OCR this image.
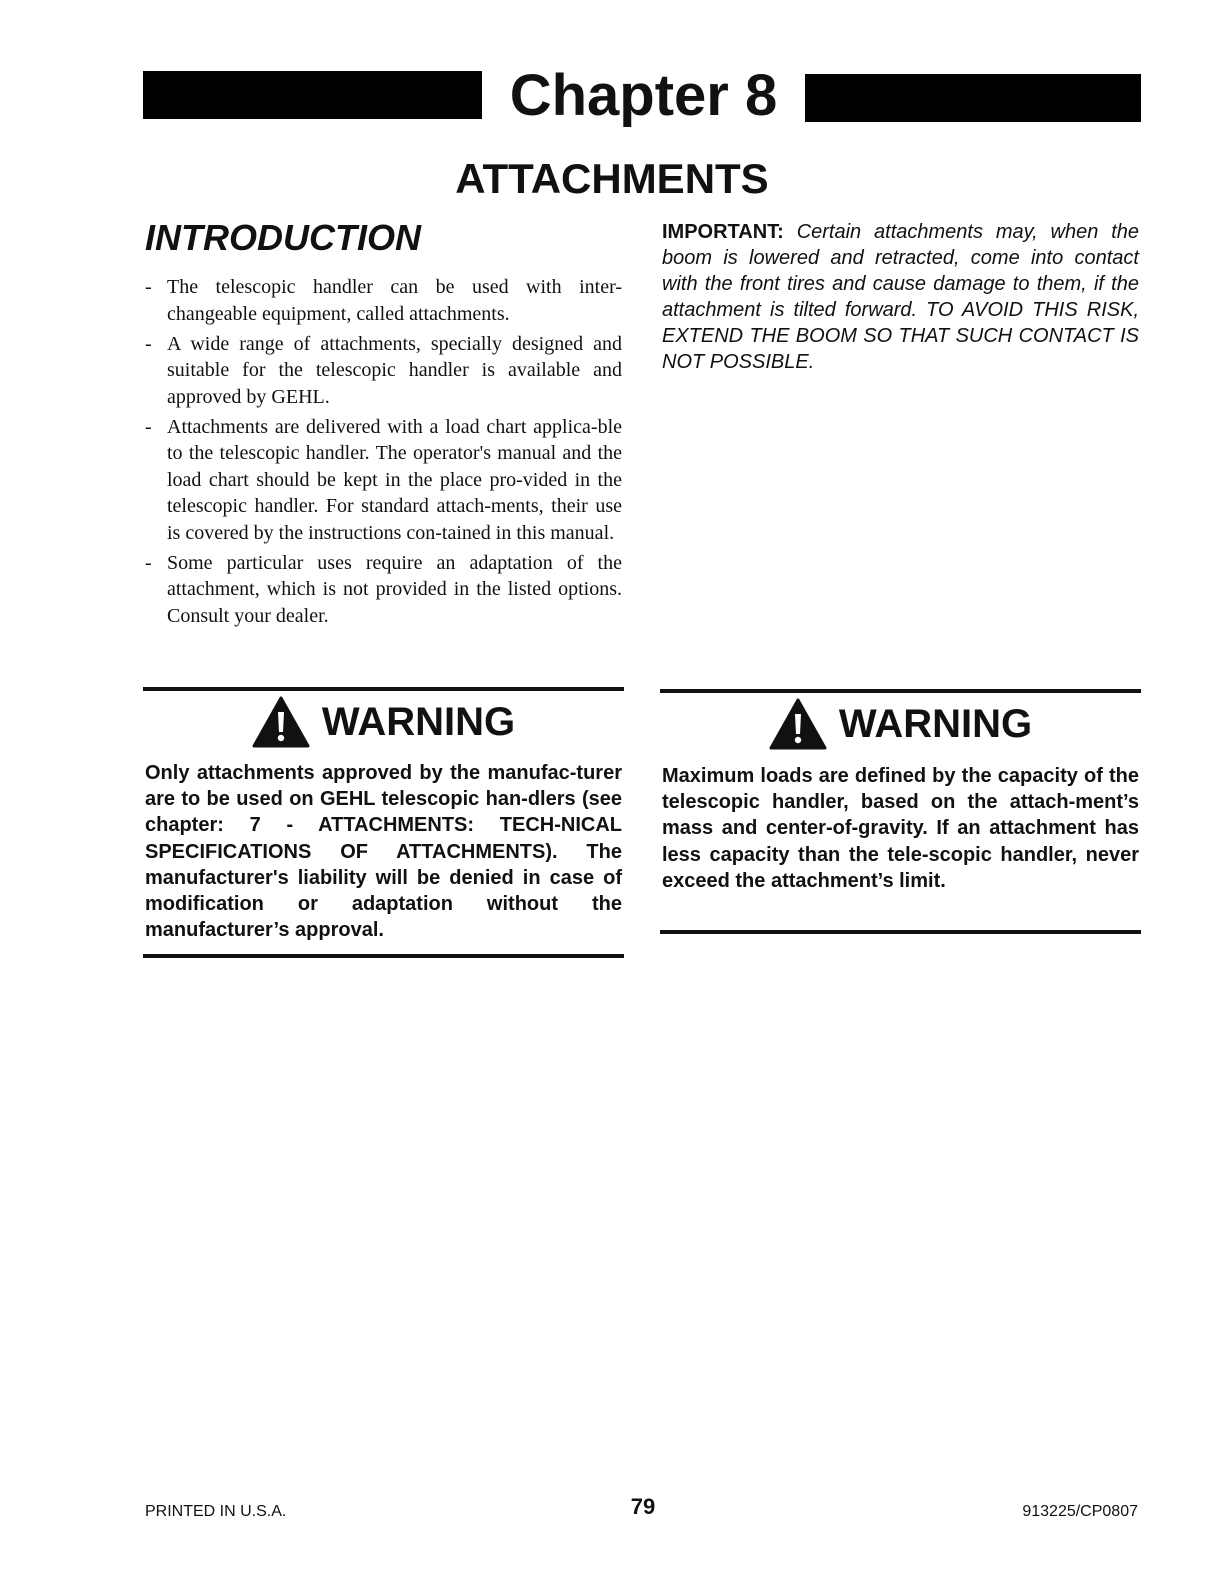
Chapter 8
ATTACHMENTS
INTRODUCTION
- The telescopic handler can be used with inter-changeable equipment, called attachments.
- A wide range of attachments, specially designed and suitable for the telescopic handler is available and approved by GEHL.
- Attachments are delivered with a load chart applica-ble to the telescopic handler. The operator's manual and the load chart should be kept in the place pro-vided in the telescopic handler. For standard attach-ments, their use is covered by the instructions con-tained in this manual.
- Some particular uses require an adaptation of the attachment, which is not provided in the listed options. Consult your dealer.

IMPORTANT: Certain attachments may, when the boom is lowered and retracted, come into contact with the front tires and cause damage to them, if the attachment is tilted forward. TO AVOID THIS RISK, EXTEND THE BOOM SO THAT SUCH CONTACT IS NOT POSSIBLE.

WARNING

Only attachments approved by the manufac-turer are to be used on GEHL telescopic han-dlers (see chapter: 7 - ATTACHMENTS: TECH-NICAL SPECIFICATIONS OF ATTACHMENTS). The manufacturer's liability will be denied in case of modification or adaptation without the manufacturer’s approval.

WARNING

Maximum loads are defined by the capacity of the telescopic handler, based on the attach-ment’s mass and center-of-gravity. If an attachment has less capacity than the tele-scopic handler, never exceed the attachment’s limit.

PRINTED IN U.S.A.	79	913225/CP0807
